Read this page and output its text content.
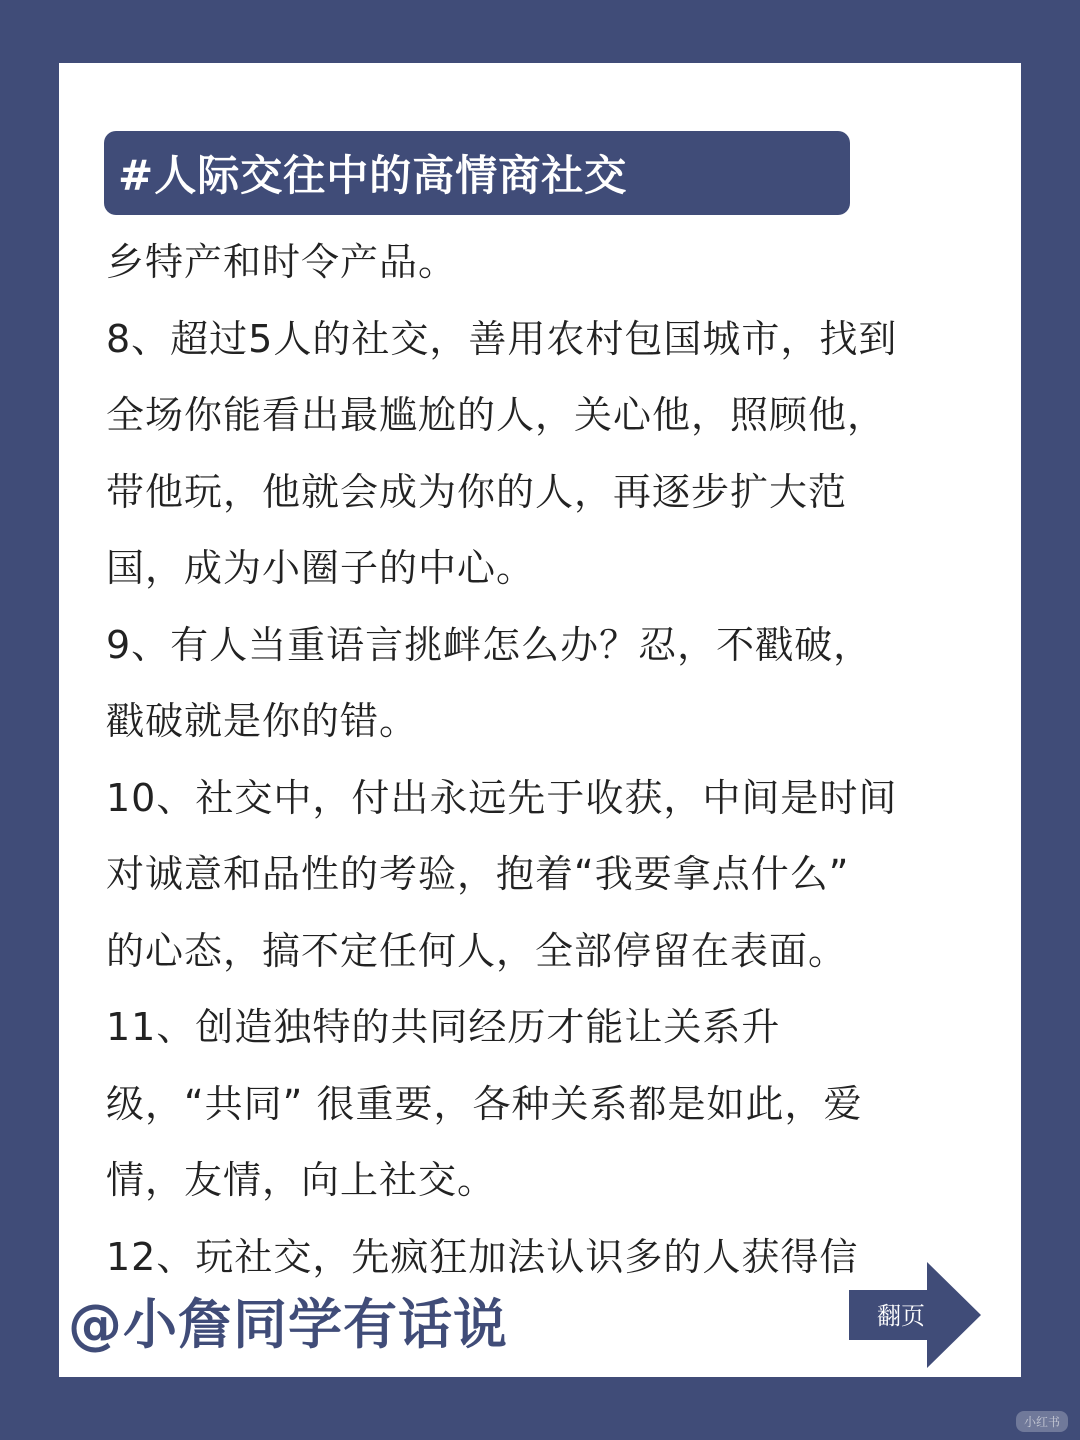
#人际交往中的高情商社交
乡特产和时令产品。
8、超过5人的社交，善用农村包国城市，找到
全场你能看出最尴尬的人，关心他，照顾他，
带他玩，他就会成为你的人，再逐步扩大范
国，成为小圈子的中心。
9、有人当重语言挑衅怎么办？忍，不戳破，
戳破就是你的错。
10、社交中，付出永远先于收获，中间是时间
对诚意和品性的考验，抱着“我要拿点什么”
的心态，搞不定任何人，全部停留在表面。
11、创造独特的共同经历才能让关系升
级，“共同” 很重要，各种关系都是如此，爱
情，友情，向上社交。
12、玩社交，先疯狂加法认识多的人获得信
@小詹同学有话说	翻页
小红书
